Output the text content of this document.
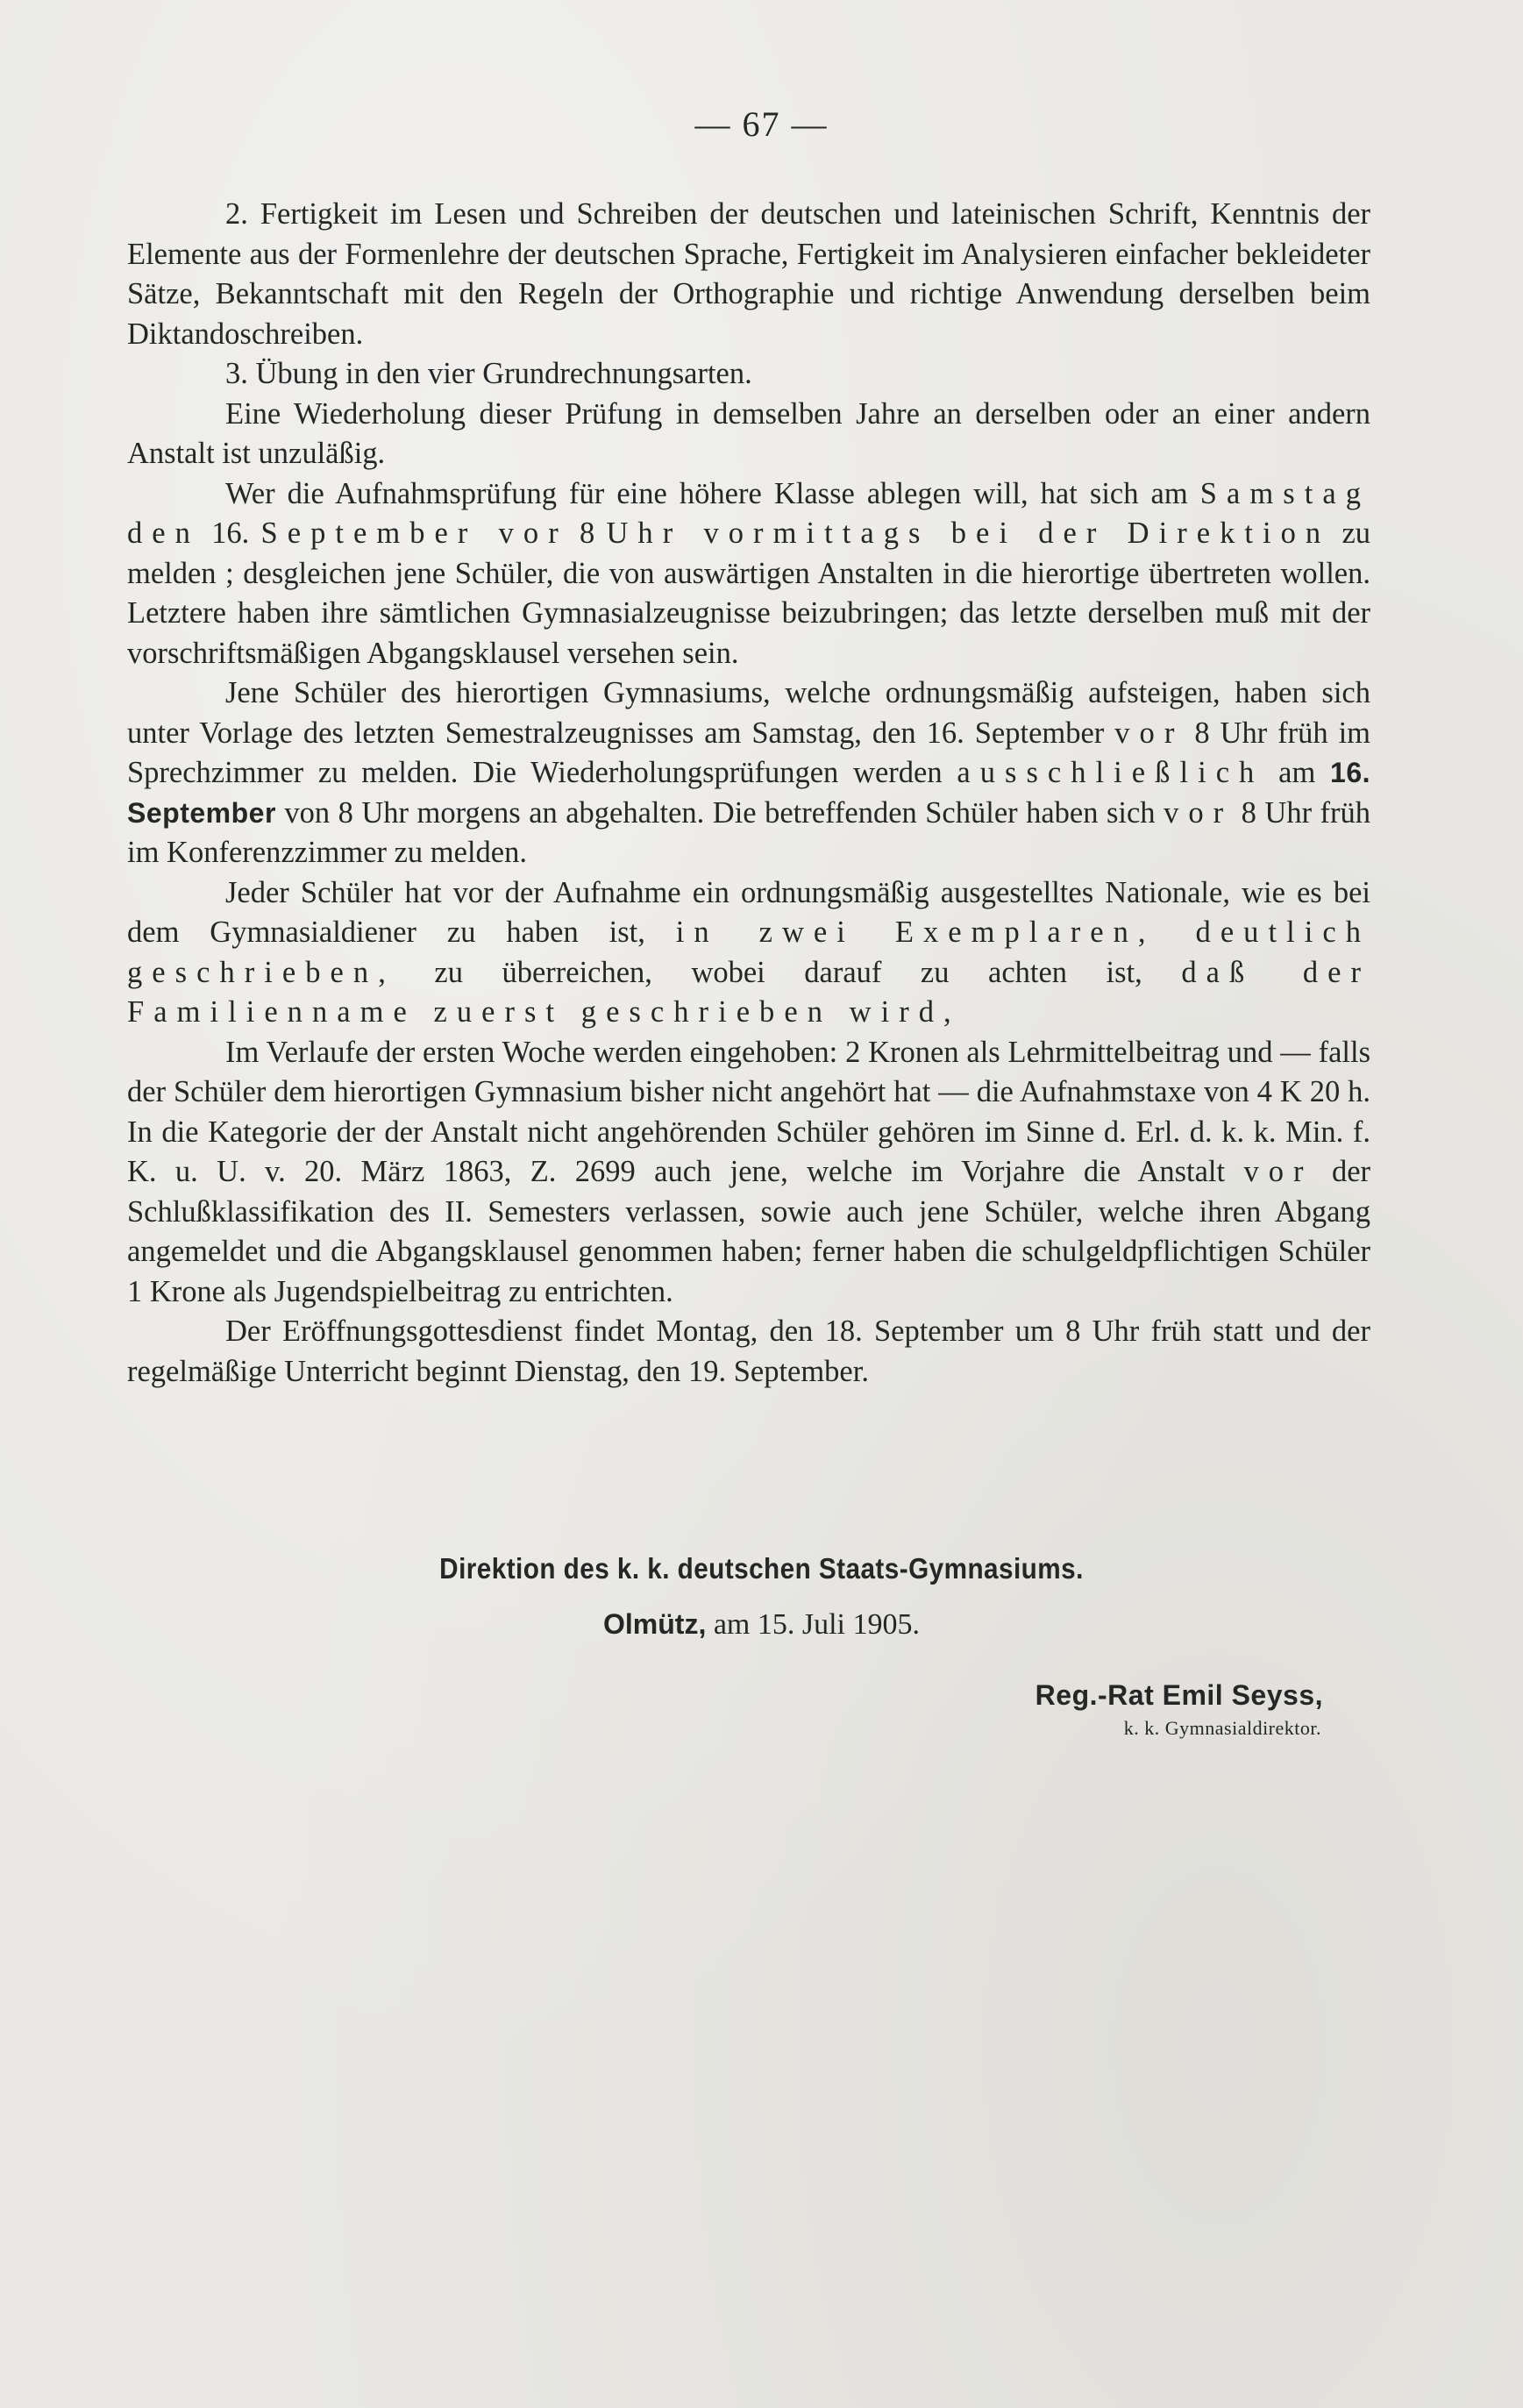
— 67 —

2. Fertigkeit im Lesen und Schreiben der deutschen und lateinischen Schrift, Kenntnis der Elemente aus der Formenlehre der deutschen Sprache, Fertigkeit im Analysieren einfacher bekleideter Sätze, Bekanntschaft mit den Regeln der Orthographie und richtige Anwendung derselben beim Diktandoschreiben.

3. Übung in den vier Grundrechnungsarten.

Eine Wiederholung dieser Prüfung in demselben Jahre an derselben oder an einer andern Anstalt ist unzuläßig.

Wer die Aufnahmsprüfung für eine höhere Klasse ablegen will, hat sich am Samstag den 16. September vor 8 Uhr vormittags bei der Direktion zu melden ; desgleichen jene Schüler, die von auswärtigen Anstalten in die hierortige übertreten wollen. Letztere haben ihre sämtlichen Gymnasialzeugnisse beizubringen; das letzte derselben muß mit der vorschriftsmäßigen Abgangsklausel versehen sein.

Jene Schüler des hierortigen Gymnasiums, welche ordnungsmäßig aufsteigen, haben sich unter Vorlage des letzten Semestralzeugnisses am Samstag, den 16. September vor 8 Uhr früh im Sprechzimmer zu melden. Die Wiederholungsprüfungen werden ausschließlich am 16. September von 8 Uhr morgens an abgehalten. Die betreffenden Schüler haben sich vor 8 Uhr früh im Konferenzzimmer zu melden.

Jeder Schüler hat vor der Aufnahme ein ordnungsmäßig ausgestelltes Nationale, wie es bei dem Gymnasialdiener zu haben ist, in zwei Exemplaren, deutlich geschrieben, zu überreichen, wobei darauf zu achten ist, daß der Familienname zuerst geschrieben wird,

Im Verlaufe der ersten Woche werden eingehoben: 2 Kronen als Lehrmittelbeitrag und — falls der Schüler dem hierortigen Gymnasium bisher nicht angehört hat — die Aufnahmstaxe von 4 K 20 h. In die Kategorie der der Anstalt nicht angehörenden Schüler gehören im Sinne d. Erl. d. k. k. Min. f. K. u. U. v. 20. März 1863, Z. 2699 auch jene, welche im Vorjahre die Anstalt vor der Schlußklassifikation des II. Semesters verlassen, sowie auch jene Schüler, welche ihren Abgang angemeldet und die Abgangsklausel genommen haben; ferner haben die schulgeldpflichtigen Schüler 1 Krone als Jugendspielbeitrag zu entrichten.

Der Eröffnungsgottesdienst findet Montag, den 18. September um 8 Uhr früh statt und der regelmäßige Unterricht beginnt Dienstag, den 19. September.

Direktion des k. k. deutschen Staats-Gymnasiums.
Olmütz, am 15. Juli 1905.
Reg.-Rat Emil Seyss,
k. k. Gymnasialdirektor.
